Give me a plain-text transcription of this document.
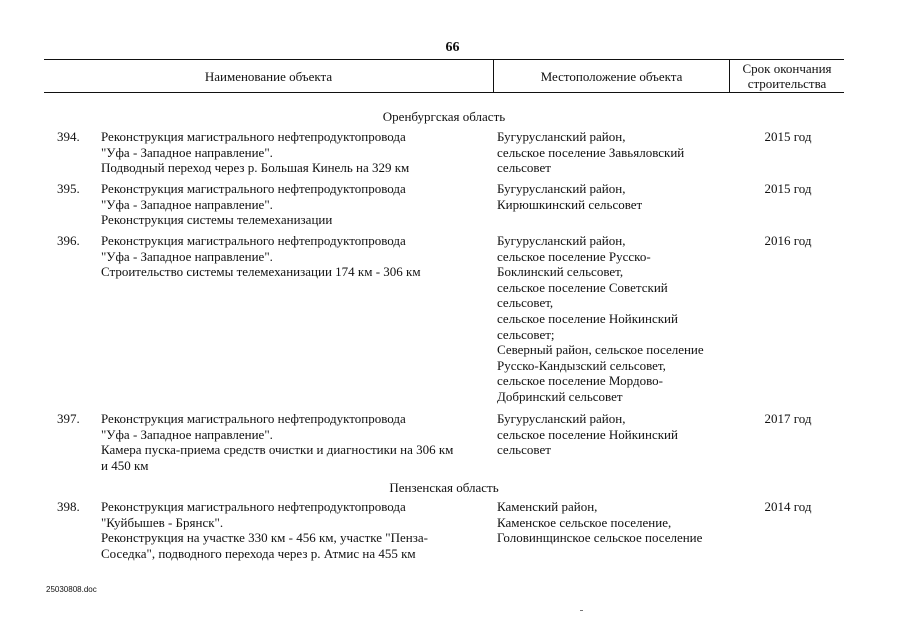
66
Наименование объекта	Местоположение объекта	Срок окончания
строительства
Оренбургская область
394. Реконструкция магистрального нефтепродуктопровода
"Уфа - Западное направление".
Подводный переход через р. Большая Кинель на 329 км
Бугурусланский район,
сельское поселение Завьяловский
сельсовет
2015 год
395. Реконструкция магистрального нефтепродуктопровода
"Уфа - Западное направление".
Реконструкция системы телемеханизации
Бугурусланский район,
Кирюшкинский сельсовет
2015 год
396. Реконструкция магистрального нефтепродуктопровода
"Уфа - Западное направление".
Строительство системы телемеханизации 174 км - 306 км
Бугурусланский район,
сельское поселение Русско-
Боклинский сельсовет,
сельское поселение Советский
сельсовет,
сельское поселение Нойкинский
сельсовет;
Северный район, сельское поселение
Русско-Кандызский сельсовет,
сельское поселение Мордово-
Добринский сельсовет
2016 год
397. Реконструкция магистрального нефтепродуктопровода
"Уфа - Западное направление".
Камера пуска-приема средств очистки и диагностики на 306 км
и 450 км
Бугурусланский район,
сельское поселение Нойкинский
сельсовет
2017 год
Пензенская область
398. Реконструкция магистрального нефтепродуктопровода
"Куйбышев - Брянск".
Реконструкция на участке 330 км - 456 км, участке "Пенза-
Соседка", подводного перехода через р. Атмис на 455 км
Каменский район,
Каменское сельское поселение,
Головинщинское сельское поселение
2014 год
25030808.doc
